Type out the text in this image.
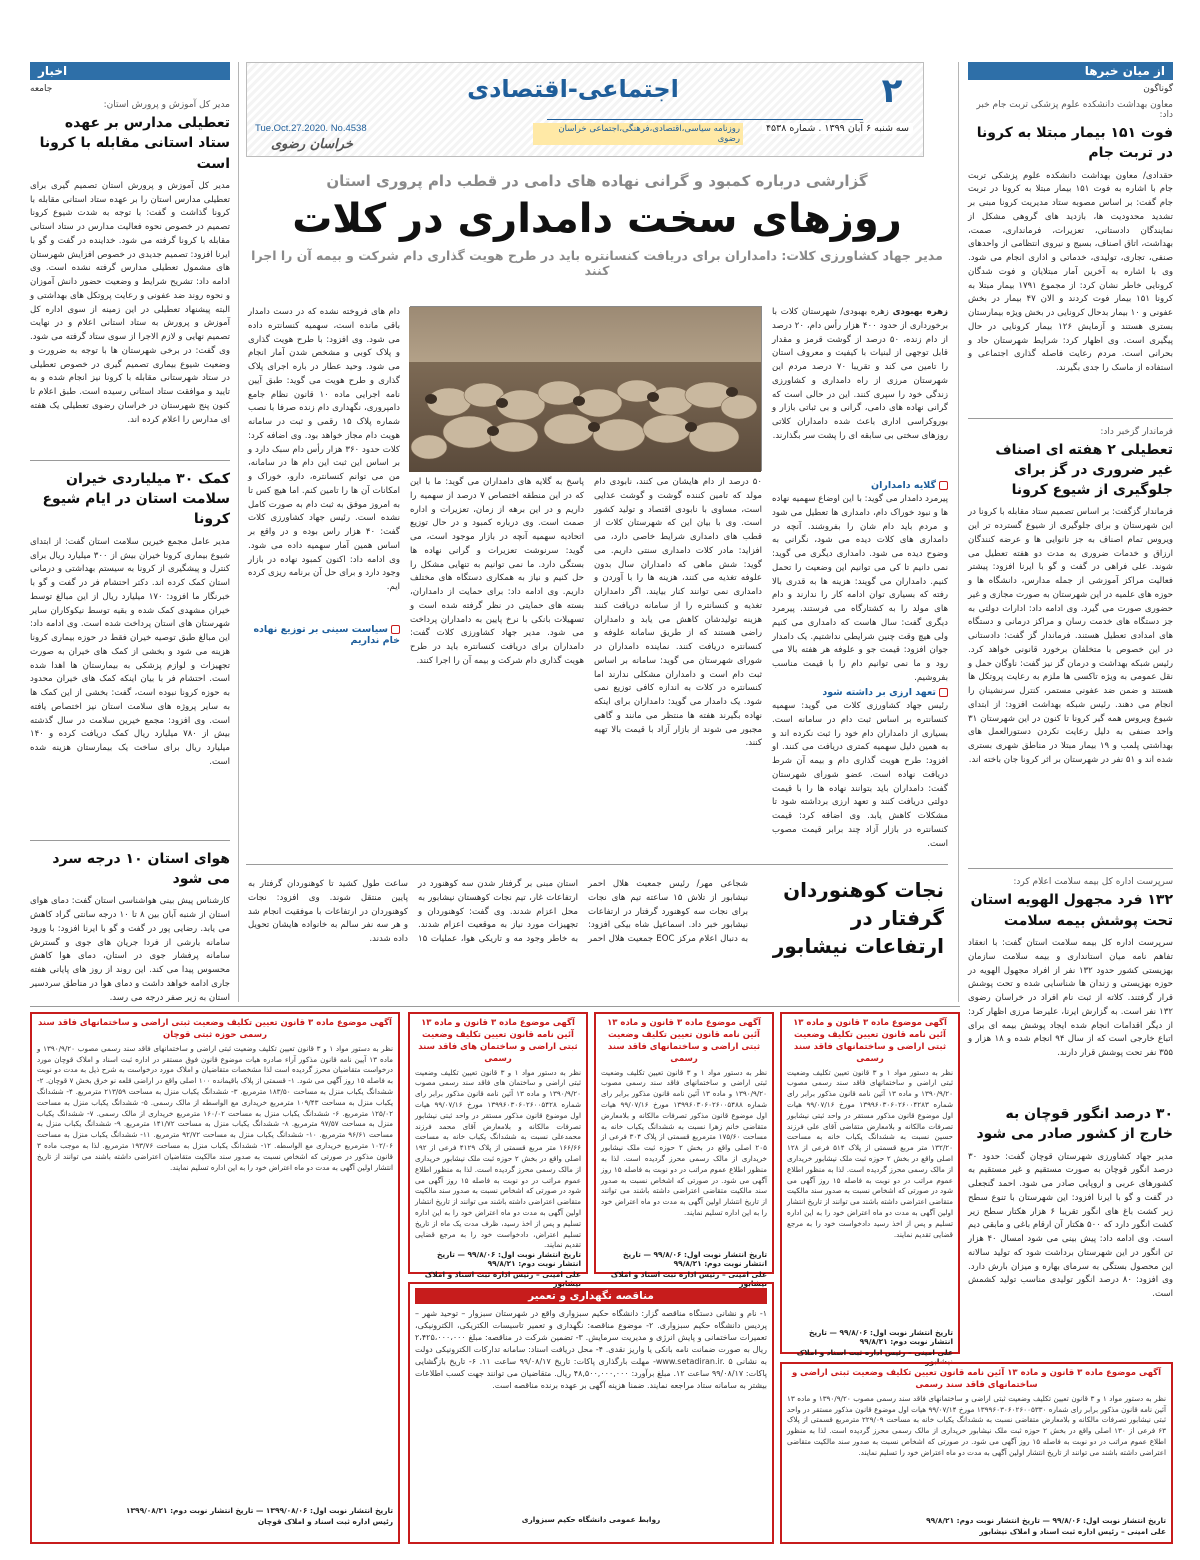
۲
اجتماعی-اقتصادی
سه شنبه ۶ آبان ۱۳۹۹ . شماره ۴۵۳۸
روزنامه سیاسی،اقتصادی،فرهنگی،اجتماعی خراسان رضوی
Tue.Oct.27.2020. No.4538
خراسان رضوی
اخبار
جامعه
مدیر کل آموزش و پرورش استان:
تعطیلی مدارس بر عهده ستاد استانی مقابله با کرونا است
مدیر کل آموزش و پرورش استان تصمیم گیری برای تعطیلی مدارس استان را بر عهده ستاد استانی مقابله با کرونا گذاشت و گفت: با توجه به شدت شیوع کرونا تصمیم در خصوص نحوه فعالیت مدارس در ستاد استانی مقابله با کرونا گرفته می شود. خداینده در گفت و گو با ایرنا افزود: تصمیم جدیدی در خصوص افزایش شهرستان های مشمول تعطیلی مدارس گرفته نشده است. وی ادامه داد: تشریح شرایط و وضعیت حضور دانش آموزان و نحوه روند ضد عفونی و رعایت پروتکل های بهداشتی و البته پیشنهاد تعطیلی در این زمینه از سوی اداره کل آموزش و پرورش به ستاد استانی اعلام و در نهایت تصمیم نهایی و لازم الاجرا از سوی ستاد گرفته می شود. وی گفت: در برخی شهرستان ها با توجه به ضرورت و وضعیت شیوع بیماری تصمیم گیری در خصوص تعطیلی در ستاد شهرستانی مقابله با کرونا نیز انجام شده و به تایید و موافقت ستاد استانی رسیده است. طبق اعلام تا کنون پنج شهرستان در خراسان رضوی تعطیلی یک هفته ای مدارس را اعلام کرده اند.
کمک ۳۰ میلیاردی خیران سلامت استان در ایام شیوع کرونا
مدیر عامل مجمع خیرین سلامت استان گفت: از ابتدای شیوع بیماری کرونا خیران بیش از ۳۰۰ میلیارد ریال برای کنترل و پیشگیری از کرونا به سیستم بهداشتی و درمانی استان کمک کرده اند. دکتر احتشام فر در گفت و گو با خبرنگار ما افزود: ۱۷۰ میلیارد ریال از این مبالغ توسط خیران مشهدی کمک شده و بقیه توسط نیکوکاران سایر شهرستان های استان پرداخت شده است. وی ادامه داد: این مبالغ طبق توصیه خیران فقط در حوزه بیماری کرونا هزینه می شود و بخشی از کمک های خیران به صورت تجهیزات و لوازم پزشکی به بیمارستان ها اهدا شده است. احتشام فر با بیان اینکه کمک های خیران محدود به حوزه کرونا نبوده است، گفت: بخشی از این کمک ها به سایر پروژه های سلامت استان نیز اختصاص یافته است. وی افزود: مجمع خیرین سلامت در سال گذشته بیش از ۷۸۰ میلیارد ریال کمک دریافت کرده و ۱۴۰ میلیارد ریال برای ساخت یک بیمارستان هزینه شده است.
هوای استان ۱۰ درجه سرد می شود
کارشناس پیش بینی هواشناسی استان گفت: دمای هوای استان از شنبه آبان بین ۸ تا ۱۰ درجه سانتی گراد کاهش می یابد. رضایی پور در گفت و گو با ایرنا افزود: با ورود سامانه بارشی از فردا جریان های جوی و گسترش سامانه پرفشار جوی در استان، دمای هوا کاهش محسوس پیدا می کند. این روند از روز های پایانی هفته جاری ادامه خواهد داشت و دمای هوا در مناطق سردسیر استان به زیر صفر درجه می رسد.
از میان خبرها
گوناگون
معاون بهداشت دانشکده علوم پزشکی تربت جام خبر داد:
فوت ۱۵۱ بیمار مبتلا به کرونا در تربت جام
حقدادی/ معاون بهداشت دانشکده علوم پزشکی تربت جام با اشاره به فوت ۱۵۱ بیمار مبتلا به کرونا در تربت جام گفت: بر اساس مصوبه ستاد مدیریت کرونا مبنی بر تشدید محدودیت ها، بازدید های گروهی مشکل از نمایندگان دادستانی، تعزیرات، فرمانداری، صمت، بهداشت، اتاق اصناف، بسیج و نیروی انتظامی از واحدهای صنفی، تجاری، تولیدی، خدماتی و اداری انجام می شود. وی با اشاره به آخرین آمار مبتلایان و فوت شدگان کرونایی خاطر نشان کرد: از مجموع ۱۷۹۱ بیمار مبتلا به کرونا ۱۵۱ بیمار فوت کردند و الان ۴۷ بیمار در بخش عفونی و ۱۰ بیمار بدحال کرونایی در بخش ویژه بیمارستان بستری هستند و آزمایش ۱۲۶ بیمار کرونایی در حال پیگیری است. وی اظهار کرد: شرایط شهرستان حاد و بحرانی است. مردم رعایت فاصله گذاری اجتماعی و استفاده از ماسک را جدی بگیرند.
فرماندار گزخبر داد:
تعطیلی ۲ هفته ای اصناف غیر ضروری در گز برای جلوگیری از شیوع کرونا
فرماندار گزگفت: بر اساس تصمیم ستاد مقابله با کرونا در این شهرستان و برای جلوگیری از شیوع گسترده تر این ویروس تمام اصناف به جز نانوایی ها و عرضه کنندگان ارزاق و خدمات ضروری به مدت دو هفته تعطیل می شوند. علی فراهی در گفت و گو با ایرنا افزود: پیشتر فعالیت مراکز آموزشی از جمله مدارس، دانشگاه ها و حوزه های علمیه در این شهرستان به صورت مجازی و غیر حضوری صورت می گیرد. وی ادامه داد: ادارات دولتی به جز دستگاه های خدمت رسان و مراکز درمانی و دستگاه های امدادی تعطیل هستند. فرماندار گز گفت: دادستانی در این خصوص با متخلفان برخورد قانونی خواهد کرد. رئیس شبکه بهداشت و درمان گز نیز گفت: ناوگان حمل و نقل عمومی به ویژه تاکسی ها ملزم به رعایت پروتکل ها هستند و ضمن ضد عفونی مستمر، کنترل سرنشینان را انجام می دهند. رئیس شبکه بهداشت افزود: از ابتدای شیوع ویروس همه گیر کرونا تا کنون در این شهرستان ۳۱ واحد صنفی به دلیل رعایت نکردن دستورالعمل های بهداشتی پلمب و ۱۹ بیمار مبتلا در مناطق شهری بستری شده اند و ۵۱ نفر در شهرستان بر اثر کرونا جان باخته اند.
سرپرست اداره کل بیمه سلامت اعلام کرد:
۱۳۲ فرد مجهول الهویه استان تحت پوشش بیمه سلامت
سرپرست اداره کل بیمه سلامت استان گفت: با انعقاد تفاهم نامه میان استانداری و بیمه سلامت سازمان بهزیستی کشور حدود ۱۳۲ نفر از افراد مجهول الهویه در حوزه بهزیستی و زندان ها شناسایی شده و تحت پوشش قرار گرفتند. کلاته از ثبت نام افراد در خراسان رضوی ۱۳۲ نفر است. به گزارش ایرنا، علیرضا مرزی اظهار کرد: از دیگر اقدامات انجام شده ایجاد پوشش بیمه ای برای اتباع خارجی است که از سال ۹۴ انجام شده و ۱۸ هزار و ۳۵۵ نفر تحت پوشش قرار دارند.
۳۰ درصد انگور قوچان به خارج از کشور صادر می شود
مدیر جهاد کشاورزی شهرستان قوچان گفت: حدود ۳۰ درصد انگور قوچان به صورت مستقیم و غیر مستقیم به کشورهای عربی و اروپایی صادر می شود. احمد گنجعلی در گفت و گو با ایرنا افزود: این شهرستان با تنوع سطح زیر کشت باغ های انگور تقریبا ۶ هزار هکتار سطح زیر کشت انگور دارد که ۵۰۰ هکتار آن ارقام باغی و مابقی دیم است. وی ادامه داد: پیش بینی می شود امسال ۴۰ هزار تن انگور در این شهرستان برداشت شود که تولید سالانه این محصول بستگی به سرمای بهاره و میزان بارش دارد. وی افزود: ۸۰ درصد انگور تولیدی مناسب تولید کشمش است.
گزارشی درباره کمبود و گرانی نهاده های دامی در قطب دام پروری استان
روزهای سخت دامداری در کلات
مدیر جهاد کشاورزی کلات: دامداران برای دریافت کنسانتره باید در طرح هویت گذاری دام شرکت و بیمه آن را اجرا کنند
زهره بهبودی زهره بهبودی/ شهرستان کلات با برخورداری از حدود ۴۰۰ هزار رأس دام، ۲۰ درصد از دام زنده، ۵۰ درصد از گوشت قرمز و مقدار قابل توجهی از لبنیات با کیفیت و معروف استان را تامین می کند و تقریبا ۷۰ درصد مردم این شهرستان مرزی از راه دامداری و کشاورزی زندگی خود را سپری کنند. این در حالی است که گرانی نهاده های دامی، گرانی و بی ثباتی بازار و بوروکراسی اداری باعث شده دامداران کلاتی روزهای سختی بی سابقه ای را پشت سر بگذارند.
دام های فروخته نشده که در دست دامدار باقی مانده است، سهمیه کنسانتره داده می شود. وی افزود: با طرح هویت گذاری و پلاک کوبی و مشخص شدن آمار انجام می شود. وحید عطار در باره اجرای پلاک گذاری و طرح هویت می گوید: طبق آیین نامه اجرایی ماده ۱۰ قانون نظام جامع دامپروری، نگهداری دام زنده صرفا با نصب شماره پلاک ۱۵ رقمی و ثبت در سامانه هویت دام مجاز خواهد بود. وی اضافه کرد: کلات حدود ۳۶۰ هزار رأس دام سبک دارد و بر اساس این ثبت این دام ها در سامانه، من می توانم کنسانتره، دارو، خوراک و امکانات آن ها را تامین کنم. اما هیچ کس تا به امروز موفق به ثبت دام به صورت کامل نشده است. رئیس جهاد کشاورزی کلات گفت: ۴۰ هزار راس بوده و در واقع بر اساس همین آمار سهمیه داده می شود. وی ادامه داد: اکنون کمبود نهاده در بازار وجود دارد و برای حل آن برنامه ریزی کرده ایم.
گلایه دامداران
پیرمرد دامدار می گوید: با این اوضاع سهمیه نهاده ها و نبود خوراک دام، دامداری ها تعطیل می شود و مردم باید دام شان را بفروشند. آنچه در دامداری های کلات دیده می شود، نگرانی به وضوح دیده می شود. دامداری دیگری می گوید: نمی دانیم تا کی می توانیم این وضعیت را تحمل کنیم. دامداران می گویند: هزینه ها به قدری بالا رفته که بسیاری توان ادامه کار را ندارند و دام های مولد را به کشتارگاه می فرستند. پیرمرد دیگری گفت: سال هاست که دامداری می کنیم ولی هیچ وقت چنین شرایطی نداشتیم. یک دامدار جوان افزود: قیمت جو و علوفه هر هفته بالا می رود و ما نمی توانیم دام را با قیمت مناسب بفروشیم.
تعهد ارزی بر داشته شود
رئیس جهاد کشاورزی کلات می گوید: سهمیه کنسانتره بر اساس ثبت دام در سامانه است. بسیاری از دامداران دام خود را ثبت نکرده اند و به همین دلیل سهمیه کمتری دریافت می کنند. او افزود: طرح هویت گذاری دام و بیمه آن شرط دریافت نهاده است. عضو شورای شهرستان گفت: دامداران باید بتوانند نهاده ها را با قیمت دولتی دریافت کنند و تعهد ارزی برداشته شود تا مشکلات کاهش یابد. وی اضافه کرد: قیمت کنسانتره در بازار آزاد چند برابر قیمت مصوب است.
۵۰ درصد از دام هایشان می کنند، نابودی دام مولد که تامین کننده گوشت و گوشت عذایی است، مساوی با نابودی اقتصاد و تولید کشور است. وی با بیان این که شهرستان کلات از قطب های دامداری شرایط خاصی دارد، می افزاید: مادر کلات دامداری سنتی داریم. می گوید: شش ماهی که دامداران سال بدون علوفه تغذیه می کنند، هزینه ها را با آوردن و دامداری نمی توانند کنار بیایند. اگر دامداران تغذیه و کنسانتره را از سامانه دریافت کنند هزینه تولیدشان کاهش می یابد و دامداران راضی هستند که از طریق سامانه علوفه و کنسانتره دریافت کنند. نماینده دامداران در شورای شهرستان می گوید: سامانه بر اساس ثبت دام است و دامداران مشکلی ندارند اما کنسانتره در کلات به اندازه کافی توزیع نمی شود. یک دامدار می گوید: دامداران برای اینکه نهاده بگیرند هفته ها منتظر می مانند و گاهی مجبور می شوند از بازار آزاد با قیمت بالا تهیه کنند.
پاسخ به گلایه های دامداران می گوید: ما با این که در این منطقه اختصاص ۷ درصد از سهمیه را داریم و در این برهه از زمان، تعزیرات و اداره صمت است. وی درباره کمبود و در حال توزیع اتحادیه سهمیه آنچه در بازار موجود است، می گوید: سرنوشت تعزیرات و گرانی نهاده ها بستگی دارد. ما نمی توانیم به تنهایی مشکل را حل کنیم و نیاز به همکاری دستگاه های مختلف داریم. وی ادامه داد: برای حمایت از دامداران، بسته های حمایتی در نظر گرفته شده است و تسهیلات بانکی با نرخ پایین به دامداران پرداخت می شود. مدیر جهاد کشاورزی کلات گفت: دامداران برای دریافت کنسانتره باید در طرح هویت گذاری دام شرکت و بیمه آن را اجرا کنند.
سیاست سینی بر توزیع نهاده خام نداریم
نجات کوهنوردان گرفتار در ارتفاعات نیشابور
شجاعی مهر/ رئیس جمعیت هلال احمر نیشابور از تلاش ۱۵ ساعته تیم های نجات برای نجات سه کوهنورد گرفتار در ارتفاعات نیشابور خبر داد. اسماعیل شاه بیکی افزود: به دنبال اعلام مرکز EOC جمعیت هلال احمر استان مبنی بر گرفتار شدن سه کوهنورد در ارتفاعات غار، تیم نجات کوهستان نیشابور به محل اعزام شدند. وی گفت: کوهنوردان و تجهیزات مورد نیاز به موقعیت اعزام شدند. به خاطر وجود مه و تاریکی هوا، عملیات ۱۵ ساعت طول کشید تا کوهنوردان گرفتار به پایین منتقل شوند. وی افزود: نجات کوهنوردان در ارتفاعات با موفقیت انجام شد و هر سه نفر سالم به خانواده هایشان تحویل داده شدند.
آگهی موضوع ماده ۳ قانون تعیین تکلیف وضعیت ثبتی اراضی و ساختمانهای فاقد سند رسمی حوزه ثبتی قوچان
نظر به دستور مواد ۱ و ۳ قانون تعیین تکلیف وضعیت ثبتی اراضی و ساختمانهای فاقد سند رسمی مصوب ۱۳۹۰/۹/۲۰ و ماده ۱۳ آیین نامه قانون مذکور آراء صادره هیات موضوع قانون فوق مستقر در اداره ثبت اسناد و املاک قوچان مورد درخواست متقاضیان محرز گردیده است لذا مشخصات متقاضیان و املاک مورد درخواست به شرح ذیل به مدت دو نوبت به فاصله ۱۵ روز آگهی می شود. ۱- قسمتی از پلاک باقیمانده ۱۰۰ اصلی واقع در اراضی قلعه نو خرق بخش ۷ قوچان. ۲- ششدانگ یکباب منزل به مساحت ۱۸۳/۵۰ مترمربع. ۳- ششدانگ یکباب منزل به مساحت ۲۱۳/۵۹ مترمربع. ۴- ششدانگ یکباب منزل به مساحت ۱۰۹/۴۳ مترمربع خریداری مع الواسطه از مالک رسمی. ۵- ششدانگ یکباب منزل به مساحت ۱۲۵/۰۲ مترمربع. ۶- ششدانگ یکباب منزل به مساحت ۱۶۰/۰۲ مترمربع خریداری از مالک رسمی. ۷- ششدانگ یکباب منزل به مساحت ۹۷/۵۷ مترمربع. ۸- ششدانگ یکباب منزل به مساحت ۱۴۱/۷۲ مترمربع. ۹- ششدانگ یکباب منزل به مساحت ۹۶/۶۱ مترمربع. ۱۰- ششدانگ یکباب منزل به مساحت ۹۲/۷۲ مترمربع. ۱۱- ششدانگ یکباب منزل به مساحت ۱۰۲/۰۶ مترمربع خریداری مع الواسطه. ۱۲- ششدانگ یکباب منزل به مساحت ۱۹۳/۷۶ مترمربع. لذا به موجب ماده ۳ قانون مذکور در صورتی که اشخاص نسبت به صدور سند مالکیت متقاضیان اعتراضی داشته باشند می توانند از تاریخ انتشار اولین آگهی به مدت دو ماه اعتراض خود را به این اداره تسلیم نمایند.
تاریخ انتشار نوبت اول: ۱۳۹۹/۰۸/۰۶ — تاریخ انتشار نوبت دوم: ۱۳۹۹/۰۸/۲۱
رئیس اداره ثبت اسناد و املاک قوچان
آگهی موضوع ماده ۳ قانون و ماده ۱۳ آئین نامه قانون تعیین تکلیف وضعیت ثبتی اراضی و ساختمان های فاقد سند رسمی
نظر به دستور مواد ۱ و ۳ قانون تعیین تکلیف وضعیت ثبتی اراضی و ساختمان های فاقد سند رسمی مصوب ۱۳۹۰/۹/۲۰ و ماده ۱۳ آئین نامه قانون مذکور برابر رای شماره ۱۳۹۹۶۰۳۰۶۰۲۶۰۰۵۴۲۸ مورخ ۹۹/۰۷/۱۶ هیات اول موضوع قانون مذکور مستقر در واحد ثبتی نیشابور تصرفات مالکانه و بلامعارض آقای محمد فرزند محمدعلی نسبت به ششدانگ یکباب خانه به مساحت ۱۶۶/۶۶ متر مربع قسمتی از پلاک ۴۱۲۹ فرعی از ۱۹۲ اصلی واقع در بخش ۲ حوزه ثبت ملک نیشابور خریداری از مالک رسمی محرز گردیده است. لذا به منظور اطلاع عموم مراتب در دو نوبت به فاصله ۱۵ روز آگهی می شود در صورتی که اشخاص نسبت به صدور سند مالکیت متقاضی اعتراضی داشته باشند می توانند از تاریخ انتشار اولین آگهی به مدت دو ماه اعتراض خود را به این اداره تسلیم و پس از اخذ رسید، ظرف مدت یک ماه از تاریخ تسلیم اعتراض، دادخواست خود را به مرجع قضایی تقدیم نمایند.
تاریخ انتشار نوبت اول: ۹۹/۸/۰۶ — تاریخ انتشار نوبت دوم: ۹۹/۸/۲۱
علی امینی – رئیس اداره ثبت اسناد و املاک نیشابور
آگهی موضوع ماده ۳ قانون و ماده ۱۳ آئین نامه قانون تعیین تکلیف وضعیت ثبتی اراضی و ساختمانهای فاقد سند رسمی
نظر به دستور مواد ۱ و ۳ قانون تعیین تکلیف وضعیت ثبتی اراضی و ساختمانهای فاقد سند رسمی مصوب ۱۳۹۰/۹/۲۰ و ماده ۱۳ آئین نامه قانون مذکور برابر رای شماره ۱۳۹۹۶۰۳۰۶۰۲۶۰۰۵۴۸۸ مورخ ۹۹/۰۷/۱۶ هیات اول موضوع قانون مذکور تصرفات مالکانه و بلامعارض متقاضی خانم زهرا نسبت به ششدانگ یکباب خانه به مساحت ۱۷۵/۶۰ مترمربع قسمتی از پلاک ۳۰۴ فرعی از ۲۰۵ اصلی واقع در بخش ۲ حوزه ثبت ملک نیشابور خریداری از مالک رسمی محرز گردیده است. لذا به منظور اطلاع عموم مراتب در دو نوبت به فاصله ۱۵ روز آگهی می شود. در صورتی که اشخاص نسبت به صدور سند مالکیت متقاضی اعتراضی داشته باشند می توانند از تاریخ انتشار اولین آگهی به مدت دو ماه اعتراض خود را به این اداره تسلیم نمایند.
تاریخ انتشار نوبت اول: ۹۹/۸/۰۶ — تاریخ انتشار نوبت دوم: ۹۹/۸/۲۱
علی امینی – رئیس اداره ثبت اسناد و املاک نیشابور
آگهی موضوع ماده ۳ قانون و ماده ۱۳ آئین نامه قانون تعیین تکلیف وضعیت ثبتی اراضی و ساختمانهای فاقد سند رسمی
نظر به دستور مواد ۱ و ۳ قانون تعیین تکلیف وضعیت ثبتی اراضی و ساختمانهای فاقد سند رسمی مصوب ۱۳۹۰/۹/۲۰ و ماده ۱۳ آئین نامه قانون مذکور برابر رای شماره ۱۳۹۹۶۰۳۰۶۰۲۶۰۰۴۲۸۳ مورخ ۹۹/۰۷/۱۶ هیات اول موضوع قانون مذکور مستقر در واحد ثبتی نیشابور تصرفات مالکانه و بلامعارض متقاضی آقای علی فرزند حسین نسبت به ششدانگ یکباب خانه به مساحت ۱۳۲/۲۰ متر مربع قسمتی از پلاک ۵۱۴ فرعی از ۱۲۸ اصلی واقع در بخش ۲ حوزه ثبت ملک نیشابور خریداری از مالک رسمی محرز گردیده است. لذا به منظور اطلاع عموم مراتب در دو نوبت به فاصله ۱۵ روز آگهی می شود در صورتی که اشخاص نسبت به صدور سند مالکیت متقاضی اعتراضی داشته باشند می توانند از تاریخ انتشار اولین آگهی به مدت دو ماه اعتراض خود را به این اداره تسلیم و پس از اخذ رسید دادخواست خود را به مرجع قضایی تقدیم نمایند.
تاریخ انتشار نوبت اول: ۹۹/۸/۰۶ — تاریخ انتشار نوبت دوم: ۹۹/۸/۲۱
علی امینی – رئیس اداره ثبت اسناد و املاک نیشابور
مناقصه نگهداری و تعمیر
۱- نام و نشانی دستگاه مناقصه گزار: دانشگاه حکیم سبزواری واقع در شهرستان سبزوار – توحید شهر – پردیس دانشگاه حکیم سبزواری. ۲- موضوع مناقصه: نگهداری و تعمیر تاسیسات الکتریکی، الکترونیکی، تعمیرات ساختمانی و پایش انرژی و مدیریت سرمایش. ۳- تضمین شرکت در مناقصه: مبلغ ۲،۴۲۵،۰۰۰،۰۰۰ ریال به صورت ضمانت نامه بانکی یا واریز نقدی. ۴- محل دریافت اسناد: سامانه تدارکات الکترونیکی دولت به نشانی www.setadiran.ir. ۵- مهلت بارگذاری پاکات: تاریخ ۹۹/۰۸/۱۷ ساعت ۱۱. ۶- تاریخ بازگشایی پاکات: ۹۹/۰۸/۱۷ ساعت ۱۲. مبلغ برآورد: ۴۸,۵۰۰,۰۰۰,۰۰۰ ریال. متقاضیان می توانند جهت کسب اطلاعات بیشتر به سامانه ستاد مراجعه نمایند. ضمنا هزینه آگهی بر عهده برنده مناقصه است.
روابط عمومی دانشگاه حکیم سبزواری
آگهی موضوع ماده ۳ قانون و ماده ۱۳ آئین نامه قانون تعیین تکلیف وضعیت ثبتی اراضی و ساختمانهای فاقد سند رسمی
نظر به دستور مواد ۱ و ۳ قانون تعیین تکلیف وضعیت ثبتی اراضی و ساختمانهای فاقد سند رسمی مصوب ۱۳۹۰/۹/۲۰ و ماده ۱۳ آئین نامه قانون مذکور برابر رای شماره ۱۳۹۹۶۰۳۰۶۰۲۶۰۰۵۳۳۰ مورخ ۹۹/۰۷/۱۴ هیات اول موضوع قانون مذکور مستقر در واحد ثبتی نیشابور تصرفات مالکانه و بلامعارض متقاضی نسبت به ششدانگ یکباب خانه به مساحت ۲۲۹/۰۹ مترمربع قسمتی از پلاک ۶۳ فرعی از ۱۳۰ اصلی واقع در بخش ۲ حوزه ثبت ملک نیشابور خریداری از مالک رسمی محرز گردیده است. لذا به منظور اطلاع عموم مراتب در دو نوبت به فاصله ۱۵ روز آگهی می شود. در صورتی که اشخاص نسبت به صدور سند مالکیت متقاضی اعتراضی داشته باشند می توانند از تاریخ انتشار اولین آگهی به مدت دو ماه اعتراض خود را تسلیم نمایند.
تاریخ انتشار نوبت اول: ۹۹/۸/۰۶ — تاریخ انتشار نوبت دوم: ۹۹/۸/۲۱
علی امینی – رئیس اداره ثبت اسناد و املاک نیشابور
